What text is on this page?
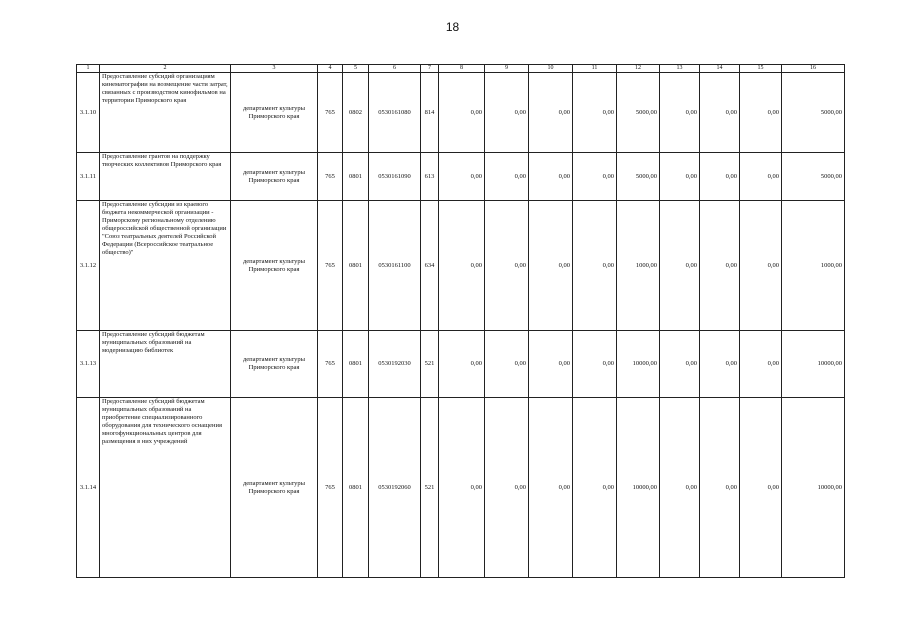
18
1	2	3	4	5	6	7	8	9	10	11	12	13	14	15	16
3.1.10	Предоставление субсидий организациям кинематографии на возмещение части затрат, связанных с производством кинофильмов на территории Приморского края	департамент культуры Приморского края	765	0802	0530161080	814	0,00	0,00	0,00	0,00	5000,00	0,00	0,00	0,00	5000,00
3.1.11	Предоставление грантов на поддержку творческих коллективов Приморского края	департамент культуры Приморского края	765	0801	0530161090	613	0,00	0,00	0,00	0,00	5000,00	0,00	0,00	0,00	5000,00
3.1.12	Предоставление субсидии из краевого бюджета некоммерческой организации - Приморскому региональному отделению общероссийской общественной организации "Союз театральных деятелей Российской Федерации (Всероссийское театральное общество)"	департамент культуры Приморского края	765	0801	0530161100	634	0,00	0,00	0,00	0,00	1000,00	0,00	0,00	0,00	1000,00
3.1.13	Предоставление субсидий бюджетам муниципальных образований на модернизацию библиотек	департамент культуры Приморского края	765	0801	0530192030	521	0,00	0,00	0,00	0,00	10000,00	0,00	0,00	0,00	10000,00
3.1.14	Предоставление субсидий бюджетам муниципальных образований на приобретение специализированного оборудования для технического оснащения многофункциональных центров для размещения в них учреждений	департамент культуры Приморского края	765	0801	0530192060	521	0,00	0,00	0,00	0,00	10000,00	0,00	0,00	0,00	10000,00
